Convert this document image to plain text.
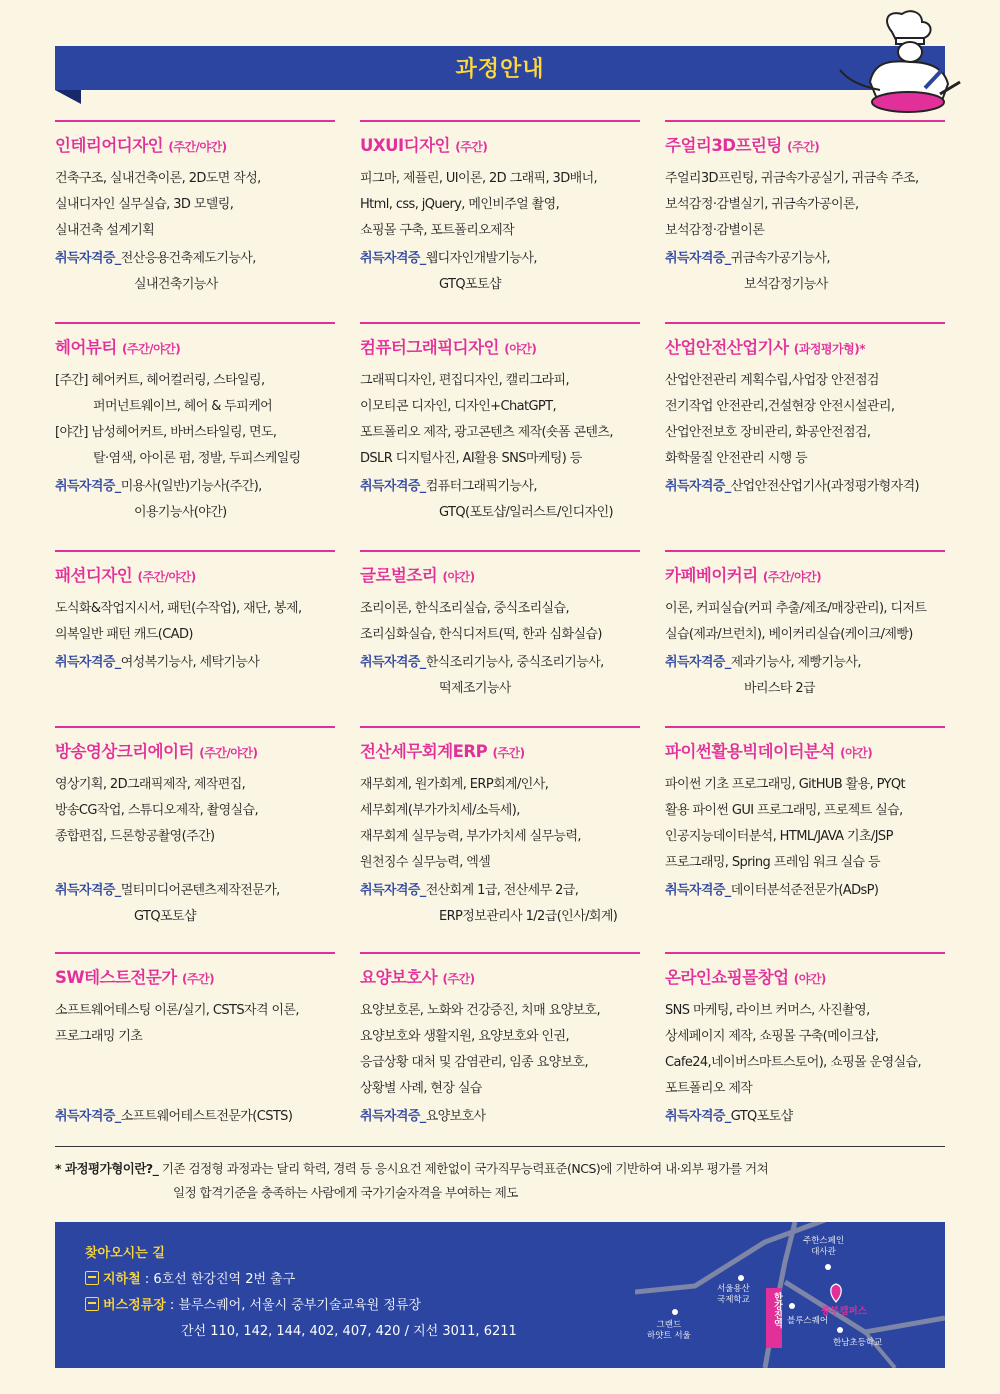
과정안내
인테리어디자인 (주간/야간)
건축구조, 실내건축이론, 2D도면 작성,
실내디자인 실무실습, 3D 모델링,
실내건축 설계기획
취득자격증_전산응용건축제도기능사,
실내건축기능사
UXUI디자인 (주간)
피그마, 제플린, UI이론, 2D 그래픽, 3D배너,
Html, css, jQuery, 메인비주얼 촬영,
쇼핑몰 구축, 포트폴리오제작
취득자격증_웹디자인개발기능사,
GTQ포토샵
주얼리3D프린팅 (주간)
주얼리3D프린팅, 귀금속가공실기, 귀금속 주조,
보석감정·감별실기, 귀금속가공이론,
보석감정·감별이론
취득자격증_귀금속가공기능사,
보석감정기능사
헤어뷰티 (주간/야간)
[주간] 헤어커트, 헤어컬러링, 스타일링,
퍼머넌트웨이브, 헤어 & 두피케어
[야간] 남성헤어커트, 바버스타일링, 면도,
탈·염색, 아이론 펌, 정발, 두피스케일링
취득자격증_미용사(일반)기능사(주간),
이용기능사(야간)
컴퓨터그래픽디자인 (야간)
그래픽디자인, 편집디자인, 캘리그라피,
이모티콘 디자인, 디자인+ChatGPT,
포트폴리오 제작, 광고콘텐츠 제작(숏폼 콘텐츠,
DSLR 디지털사진, AI활용 SNS마케팅) 등
취득자격증_컴퓨터그래픽기능사,
GTQ(포토샵/일러스트/인디자인)
산업안전산업기사 (과정평가형)*
산업안전관리 계획수립,사업장 안전점검
전기작업 안전관리,건설현장 안전시설관리,
산업안전보호 장비관리, 화공안전점검,
화학물질 안전관리 시행 등
취득자격증_산업안전산업기사(과정평가형자격)
패션디자인 (주간/야간)
도식화&작업지시서, 패턴(수작업), 재단, 봉제,
의복일반 패턴 캐드(CAD)
취득자격증_여성복기능사, 세탁기능사
글로벌조리 (야간)
조리이론, 한식조리실습, 중식조리실습,
조리심화실습, 한식디저트(떡, 한과 심화실습)
취득자격증_한식조리기능사, 중식조리기능사,
떡제조기능사
카페베이커리 (주간/야간)
이론, 커피실습(커피 추출/제조/매장관리), 디저트
실습(제과/브런치), 베이커리실습(케이크/제빵)
취득자격증_제과기능사, 제빵기능사,
바리스타 2급
방송영상크리에이터 (주간/야간)
영상기획, 2D그래픽제작, 제작편집,
방송CG작업, 스튜디오제작, 촬영실습,
종합편집, 드론항공촬영(주간)
취득자격증_멀티미디어콘텐츠제작전문가,
GTQ포토샵
전산세무회계ERP (주간)
재무회계, 원가회계, ERP회계/인사,
세무회계(부가가치세/소득세),
재무회계 실무능력, 부가가치세 실무능력,
원천징수 실무능력, 엑셀
취득자격증_전산회계 1급, 전산세무 2급,
ERP정보관리사 1/2급(인사/회계)
파이썬활용빅데이터분석 (야간)
파이썬 기초 프로그래밍, GitHUB 활용, PYQt
활용 파이썬 GUI 프로그래밍, 프로젝트 실습,
인공지능데이터분석, HTML/JAVA 기초/JSP
프로그래밍, Spring 프레임 워크 실습 등
취득자격증_데이터분석준전문가(ADsP)
SW테스트전문가 (주간)
소프트웨어테스팅 이론/실기, CSTS자격 이론,
프로그래밍 기초
취득자격증_소프트웨어테스트전문가(CSTS)
요양보호사 (주간)
요양보호론, 노화와 건강증진, 치매 요양보호,
요양보호와 생활지원, 요양보호와 인권,
응급상황 대처 및 감염관리, 임종 요양보호,
상황별 사례, 현장 실습
취득자격증_요양보호사
온라인쇼핑몰창업 (야간)
SNS 마케팅, 라이브 커머스, 사진촬영,
상세페이지 제작, 쇼핑몰 구축(메이크샵,
Cafe24,네이버스마트스토어), 쇼핑몰 운영실습,
포트폴리오 제작
취득자격증_GTQ포토샵
* 과정평가형이란?_ 기존 검정형 과정과는 달리 학력, 경력 등 응시요건 제한없이 국가직무능력표준(NCS)에 기반하여 내·외부 평가를 거쳐
일정 합격기준을 충족하는 사람에게 국가기술자격을 부여하는 제도
찾아오시는 길
지하철 : 6호선 한강진역 2번 출구
버스정류장 : 블루스퀘어, 서울시 중부기술교육원 정류장
간선 110, 142, 144, 402, 407, 420 / 지선 3011, 6211
주한스페인
대사관
서울용산
국제학교	한강진역 블루스퀘어
중부캠퍼스
그랜드
하얏트 서울
한남초등학교
